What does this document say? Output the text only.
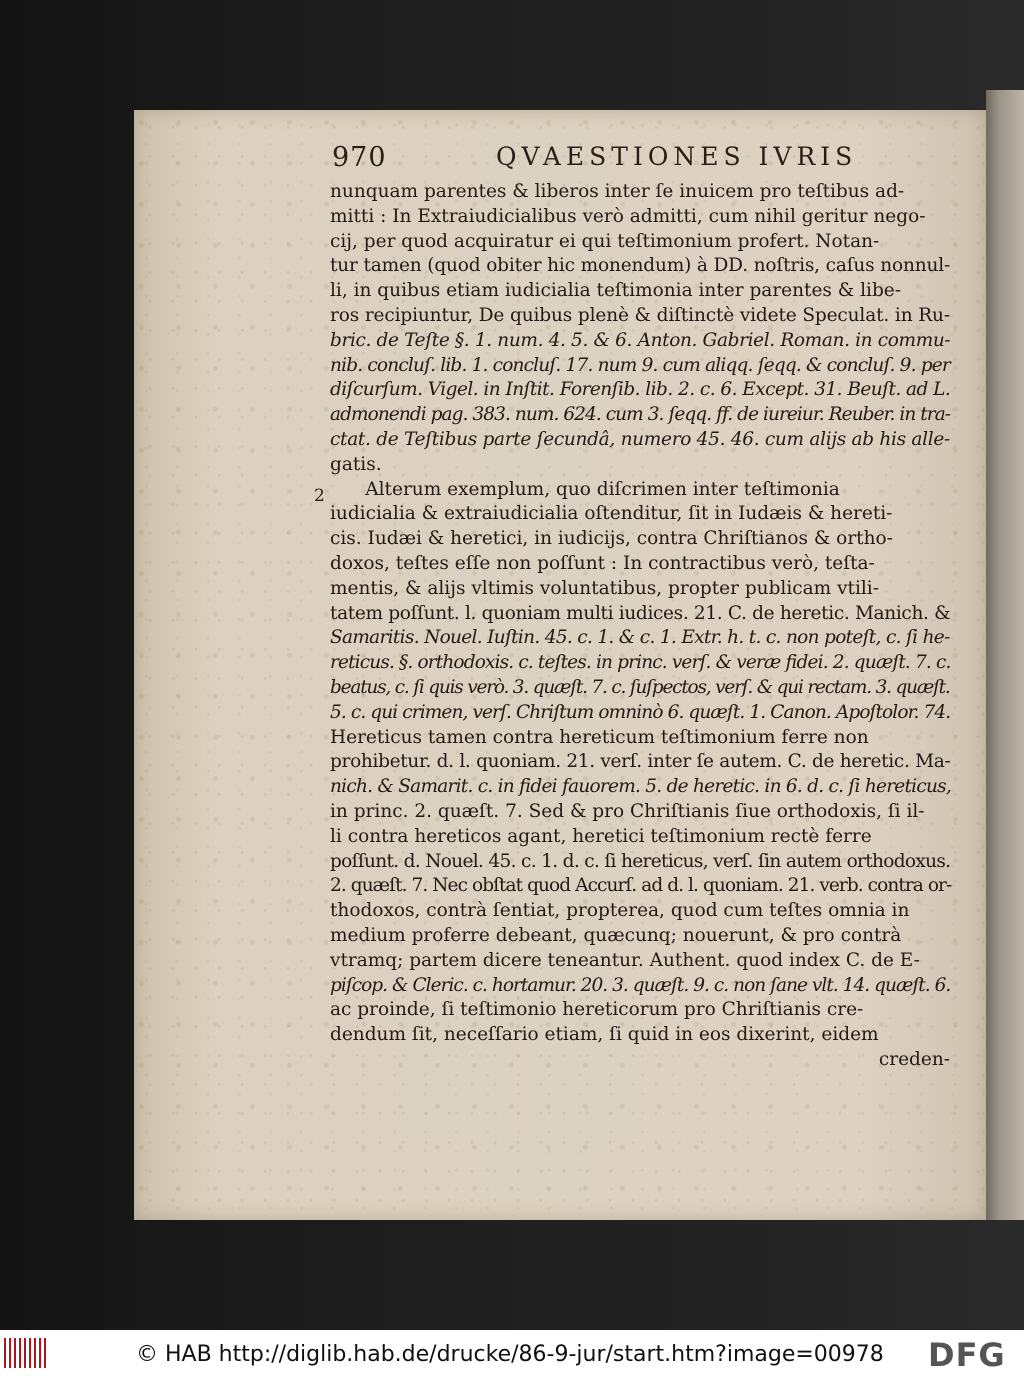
970	QVAESTIONES IVRIS
2
nunquam parentes & liberos inter ſe inuicem pro teſtibus ad-
mitti : In Extraiudicialibus verò admitti, cum nihil geritur nego-
cij, per quod acquiratur ei qui teſtimonium profert. Notan-
tur tamen (quod obiter hic monendum) à DD. noſtris, caſus nonnul-
li, in quibus etiam iudicialia teſtimonia inter parentes & libe-
ros recipiuntur, De quibus plenè & diſtinctè videte Speculat. in Ru-
bric. de Teſte §. 1. num. 4. 5. & 6. Anton. Gabriel. Roman. in commu-
nib. concluſ. lib. 1. concluſ. 17. num 9. cum aliqq. ſeqq. & concluſ. 9. per
diſcurſum. Vigel. in Inſtit. Forenſib. lib. 2. c. 6. Except. 31. Beuſt. ad L.
admonendi pag. 383. num. 624. cum 3. ſeqq. ff. de iureiur. Reuber. in tra-
ctat. de Teſtibus parte ſecundâ, numero 45. 46. cum alijs ab his alle-
gatis.
Alterum exemplum, quo diſcrimen inter teſtimonia
iudicialia & extraiudicialia oſtenditur, ſit in Iudæis & hereti-
cis. Iudæi & heretici, in iudicijs, contra Chriſtianos & ortho-
doxos, teſtes eſſe non poſſunt : In contractibus verò, teſta-
mentis, & alijs vltimis voluntatibus, propter publicam vtili-
tatem poſſunt. l. quoniam multi iudices. 21. C. de heretic. Manich. &
Samaritis. Nouel. Iuſtin. 45. c. 1. & c. 1. Extr. h. t. c. non poteſt, c. ſi he-
reticus. §. orthodoxis. c. teſtes. in princ. verſ. & veræ fidei. 2. quæſt. 7. c.
beatus, c. ſi quis verò. 3. quæſt. 7. c. ſuſpectos, verſ. & qui rectam. 3. quæſt.
5. c. qui crimen, verſ. Chriſtum omninò 6. quæſt. 1. Canon. Apoſtolor. 74.
Hereticus tamen contra hereticum teſtimonium ferre non
prohibetur. d. l. quoniam. 21. verſ. inter ſe autem. C. de heretic. Ma-
nich. & Samarit. c. in fidei fauorem. 5. de heretic. in 6. d. c. ſi hereticus,
in princ. 2. quæſt. 7. Sed & pro Chriſtianis ſiue orthodoxis, ſi il-
li contra hereticos agant, heretici teſtimonium rectè ferre
poſſunt. d. Nouel. 45. c. 1. d. c. ſi hereticus, verſ. ſin autem orthodoxus.
2. quæſt. 7. Nec obſtat quod Accurſ. ad d. l. quoniam. 21. verb. contra or-
thodoxos, contrà ſentiat, propterea, quod cum teſtes omnia in
medium proferre debeant, quæcunq; nouerunt, & pro contrà
vtramq; partem dicere teneantur. Authent. quod index C. de E-
piſcop. & Cleric. c. hortamur. 20. 3. quæſt. 9. c. non ſane vlt. 14. quæſt. 6.
ac proinde, ſi teſtimonio hereticorum pro Chriſtianis cre-
dendum ſit, neceſſario etiam, ſi quid in eos dixerint, eidem
creden-
© HAB http://diglib.hab.de/drucke/86-9-jur/start.htm?image=00978 DFG
